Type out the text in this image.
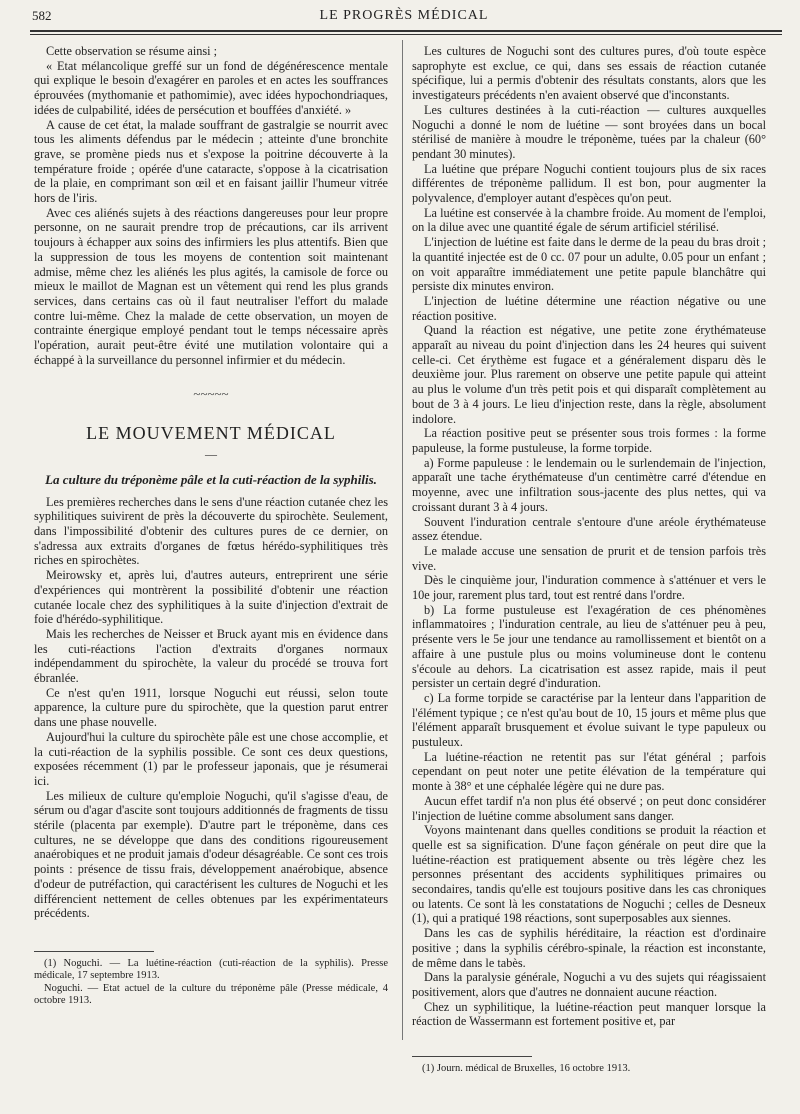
582	LE PROGRÈS MÉDICAL

Cette observation se résume ainsi ;

« Etat mélancolique greffé sur un fond de dégénérescence mentale qui explique le besoin d'exagérer en paroles et en actes les souffrances éprouvées (mythomanie et pathomimie), avec idées hypochondriaques, idées de culpabilité, idées de persécution et bouffées d'anxiété. »

A cause de cet état, la malade souffrant de gastralgie se nourrit avec tous les aliments défendus par le médecin ; atteinte d'une bronchite grave, se promène pieds nus et s'expose la poitrine découverte à la température froide ; opérée d'une cataracte, s'oppose à la cicatrisation de la plaie, en comprimant son œil et en faisant jaillir l'humeur vitrée hors de l'iris.

Avec ces aliénés sujets à des réactions dangereuses pour leur propre personne, on ne saurait prendre trop de précautions, car ils arrivent toujours à échapper aux soins des infirmiers les plus attentifs. Bien que la suppression de tous les moyens de contention soit maintenant admise, même chez les aliénés les plus agités, la camisole de force ou mieux le maillot de Magnan est un vêtement qui rend les plus grands services, dans certains cas où il faut neutraliser l'effort du malade contre lui-même. Chez la malade de cette observation, un moyen de contrainte énergique employé pendant tout le temps nécessaire après l'opération, aurait peut-être évité une mutilation volontaire qui a échappé à la surveillance du personnel infirmier et du médecin.

~~~~~
LE MOUVEMENT MÉDICAL
—
La culture du tréponème pâle et la cuti-réaction de la syphilis.

Les premières recherches dans le sens d'une réaction cutanée chez les syphilitiques suivirent de près la découverte du spirochète. Seulement, dans l'impossibilité d'obtenir des cultures pures de ce dernier, on s'adressa aux extraits d'organes de fœtus hérédo-syphilitiques très riches en spirochètes.

Meirowsky et, après lui, d'autres auteurs, entreprirent une série d'expériences qui montrèrent la possibilité d'obtenir une réaction cutanée locale chez des syphilitiques à la suite d'injection d'extrait de foie d'hérédo-syphilitique.

Mais les recherches de Neisser et Bruck ayant mis en évidence dans les cuti-réactions l'action d'extraits d'organes normaux indépendamment du spirochète, la valeur du procédé se trouva fort ébranlée.

Ce n'est qu'en 1911, lorsque Noguchi eut réussi, selon toute apparence, la culture pure du spirochète, que la question parut entrer dans une phase nouvelle.

Aujourd'hui la culture du spirochète pâle est une chose accomplie, et la cuti-réaction de la syphilis possible. Ce sont ces deux questions, exposées récemment (1) par le professeur japonais, que je résumerai ici.

Les milieux de culture qu'emploie Noguchi, qu'il s'agisse d'eau, de sérum ou d'agar d'ascite sont toujours additionnés de fragments de tissu stérile (placenta par exemple). D'autre part le tréponème, dans ces cultures, ne se développe que dans des conditions rigoureusement anaérobiques et ne produit jamais d'odeur désagréable. Ce sont ces trois points : présence de tissu frais, développement anaérobique, absence d'odeur de putréfaction, qui caractérisent les cultures de Noguchi et les différencient nettement de celles obtenues par les expérimentateurs précédents.

(1) Noguchi. — La luétine-réaction (cuti-réaction de la syphilis). Presse médicale, 17 septembre 1913.

Noguchi. — Etat actuel de la culture du tréponème pâle (Presse médicale, 4 octobre 1913.

Les cultures de Noguchi sont des cultures pures, d'où toute espèce saprophyte est exclue, ce qui, dans ses essais de réaction cutanée spécifique, lui a permis d'obtenir des résultats constants, alors que les investigateurs précédents n'en avaient observé que d'inconstants.

Les cultures destinées à la cuti-réaction — cultures auxquelles Noguchi a donné le nom de luétine — sont broyées dans un bocal stérilisé de manière à moudre le tréponème, tuées par la chaleur (60° pendant 30 minutes).

La luétine que prépare Noguchi contient toujours plus de six races différentes de tréponème pallidum. Il est bon, pour augmenter la polyvalence, d'employer autant d'espèces qu'on peut.

La luétine est conservée à la chambre froide. Au moment de l'emploi, on la dilue avec une quantité égale de sérum artificiel stérilisé.

L'injection de luétine est faite dans le derme de la peau du bras droit ; la quantité injectée est de 0 cc. 07 pour un adulte, 0.05 pour un enfant ; on voit apparaître immédiatement une petite papule blanchâtre qui persiste dix minutes environ.

L'injection de luétine détermine une réaction négative ou une réaction positive.

Quand la réaction est négative, une petite zone érythémateuse apparaît au niveau du point d'injection dans les 24 heures qui suivent celle-ci. Cet érythème est fugace et a généralement disparu dès le deuxième jour. Plus rarement on observe une petite papule qui atteint au plus le volume d'un très petit pois et qui disparaît complètement au bout de 3 à 4 jours. Le lieu d'injection reste, dans la règle, absolument indolore.

La réaction positive peut se présenter sous trois formes : la forme papuleuse, la forme pustuleuse, la forme torpide.

a) Forme papuleuse : le lendemain ou le surlendemain de l'injection, apparaît une tache érythémateuse d'un centimètre carré d'étendue en moyenne, avec une infiltration sous-jacente des plus nettes, qui va croissant durant 3 à 4 jours.

Souvent l'induration centrale s'entoure d'une aréole érythémateuse assez étendue.

Le malade accuse une sensation de prurit et de tension parfois très vive.

Dès le cinquième jour, l'induration commence à s'atténuer et vers le 10e jour, rarement plus tard, tout est rentré dans l'ordre.

b) La forme pustuleuse est l'exagération de ces phénomènes inflammatoires ; l'induration centrale, au lieu de s'atténuer peu à peu, présente vers le 5e jour une tendance au ramollissement et bientôt on a affaire à une pustule plus ou moins volumineuse dont le contenu s'écoule au dehors. La cicatrisation est assez rapide, mais il peut persister un certain degré d'induration.

c) La forme torpide se caractérise par la lenteur dans l'apparition de l'élément typique ; ce n'est qu'au bout de 10, 15 jours et même plus que l'élément apparaît brusquement et évolue suivant le type papuleux ou pustuleux.

La luétine-réaction ne retentit pas sur l'état général ; parfois cependant on peut noter une petite élévation de la température qui monte à 38° et une céphalée légère qui ne dure pas.

Aucun effet tardif n'a non plus été observé ; on peut donc considérer l'injection de luétine comme absolument sans danger.

Voyons maintenant dans quelles conditions se produit la réaction et quelle est sa signification. D'une façon générale on peut dire que la luétine-réaction est pratiquement absente ou très légère chez les personnes présentant des accidents syphilitiques primaires ou secondaires, tandis qu'elle est toujours positive dans les cas chroniques ou latents. Ce sont là les constatations de Noguchi ; celles de Desneux (1), qui a pratiqué 198 réactions, sont superposables aux siennes.

Dans les cas de syphilis héréditaire, la réaction est d'ordinaire positive ; dans la syphilis cérébro-spinale, la réaction est inconstante, de même dans le tabès.

Dans la paralysie générale, Noguchi a vu des sujets qui réagissaient positivement, alors que d'autres ne donnaient aucune réaction.

Chez un syphilitique, la luétine-réaction peut manquer lorsque la réaction de Wassermann est fortement positive et, par

(1) Journ. médical de Bruxelles, 16 octobre 1913.
